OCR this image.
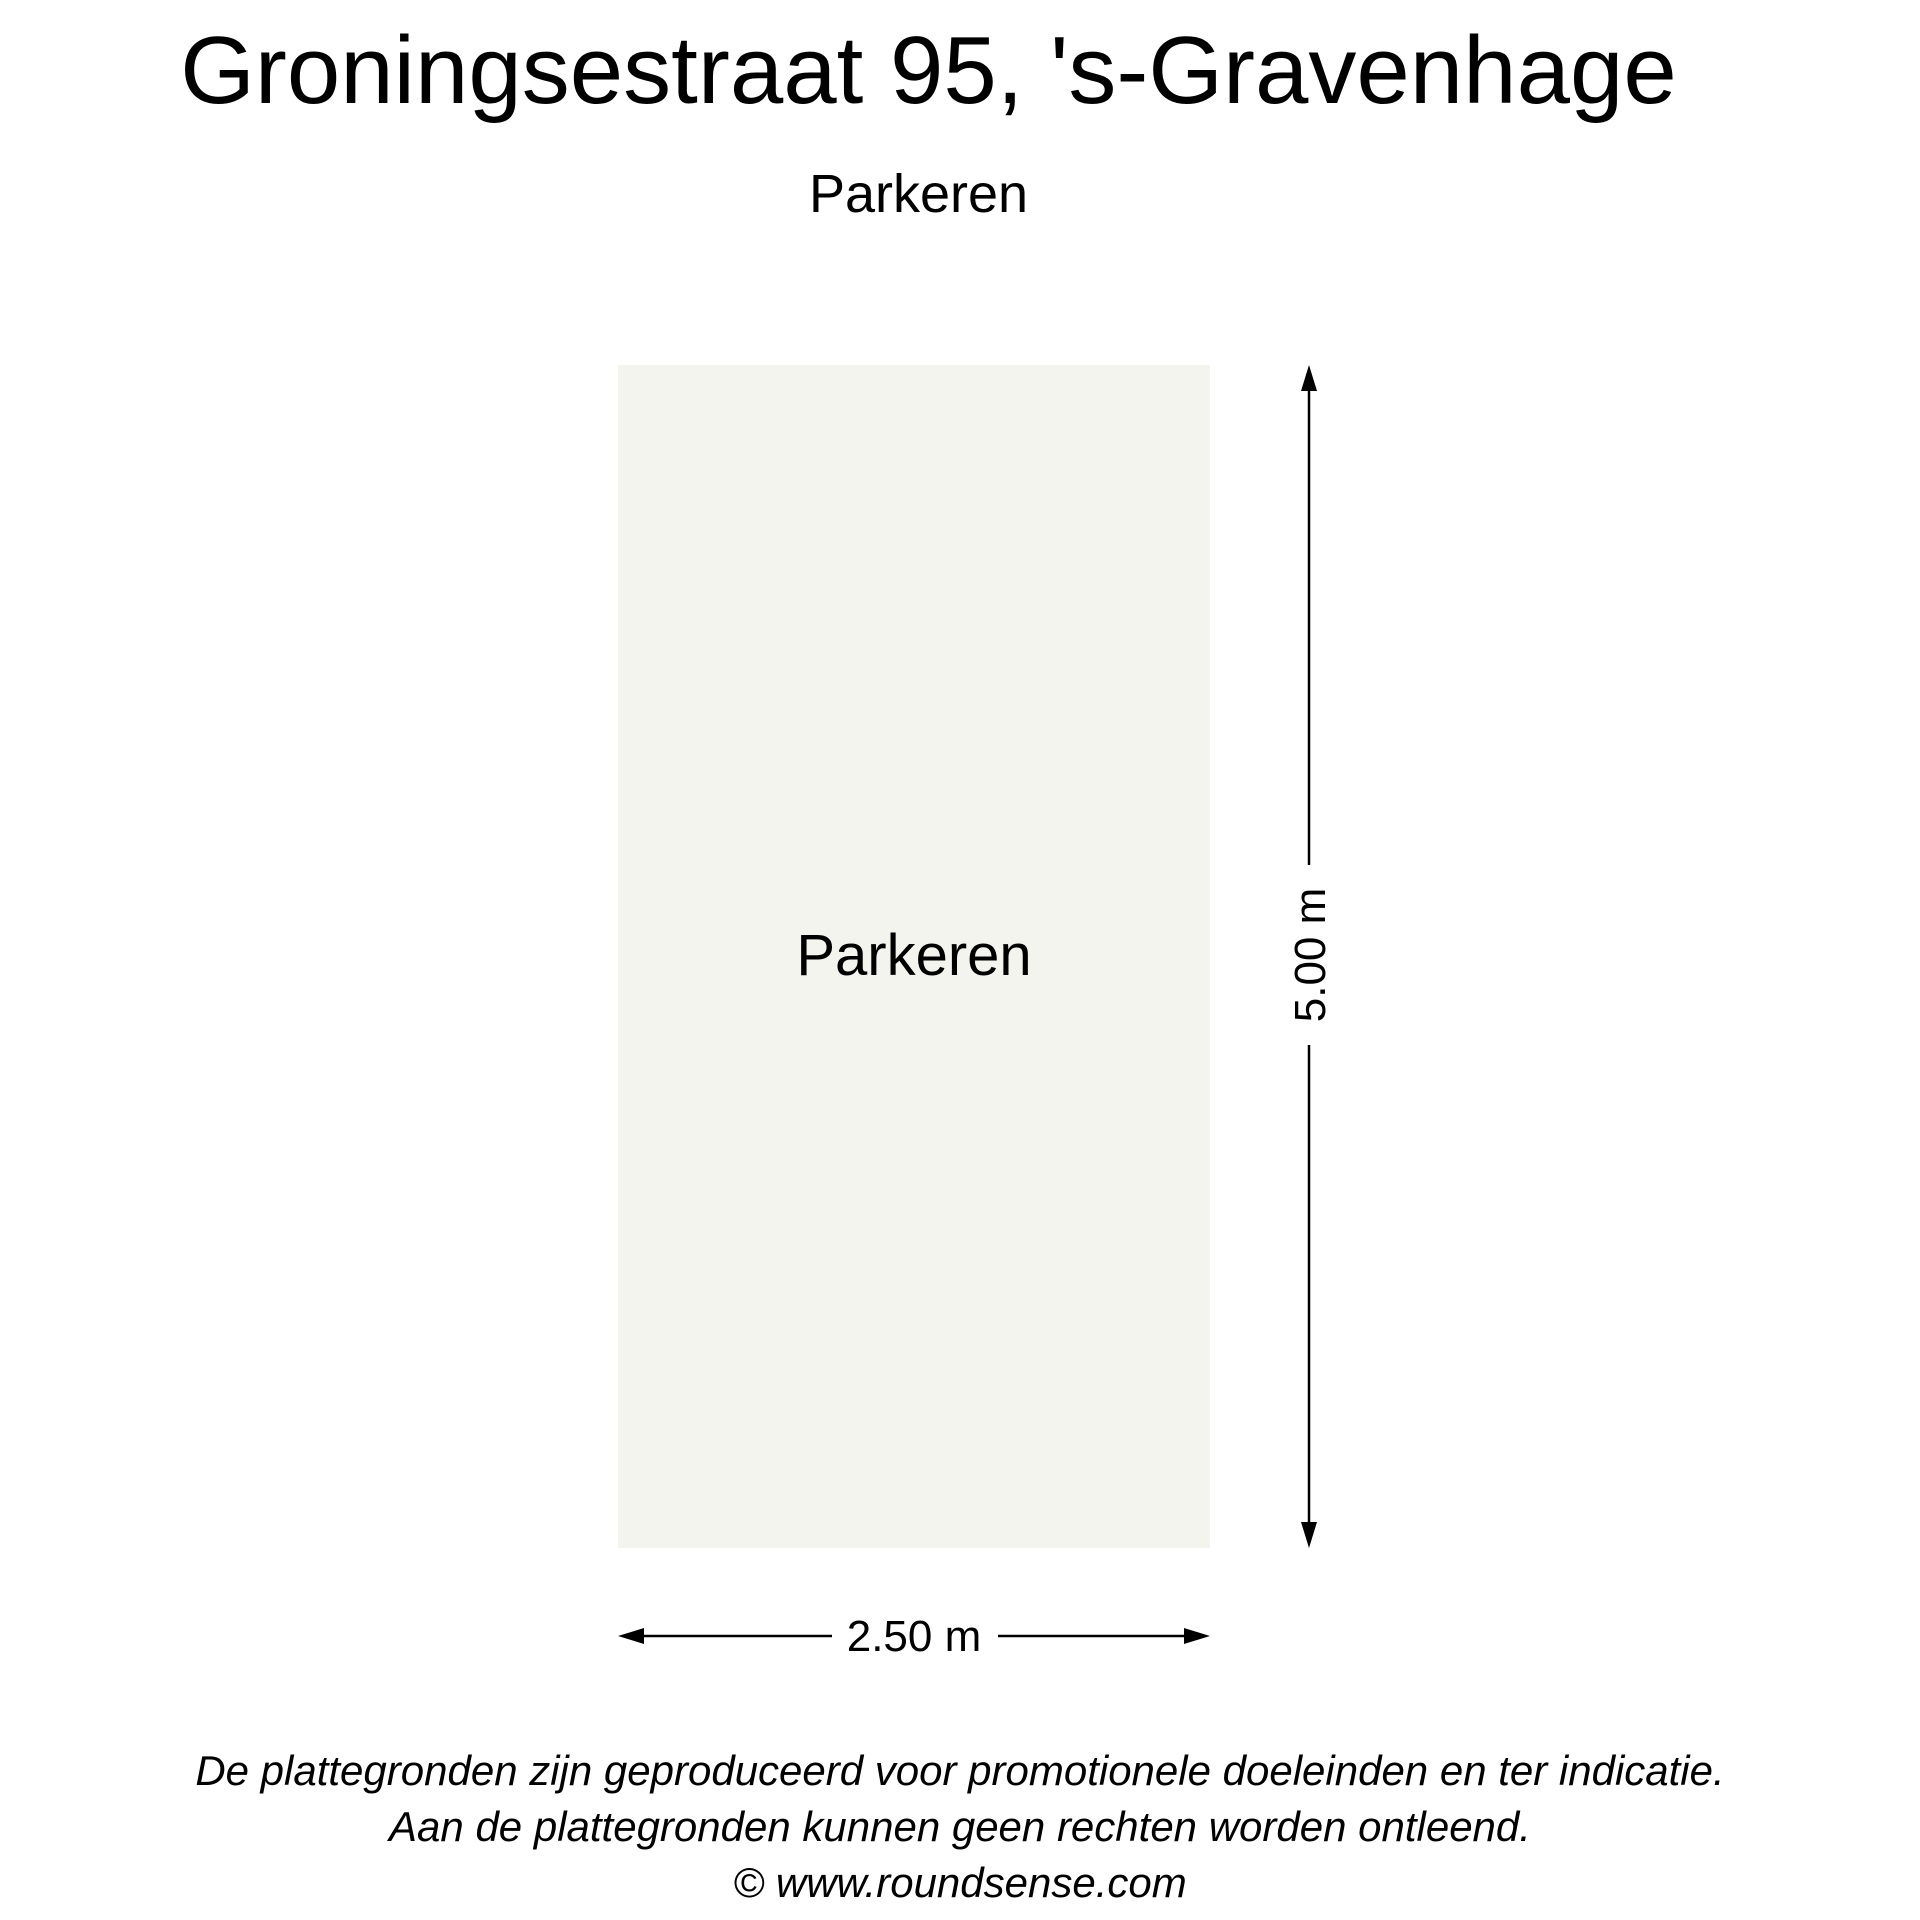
Groningsestraat 95, 's-Gravenhage
Parkeren
Parkeren	5.00 m
2.50 m
De plattegronden zijn geproduceerd voor promotionele doeleinden en ter indicatie.
Aan de plattegronden kunnen geen rechten worden ontleend.
© www.roundsense.com
